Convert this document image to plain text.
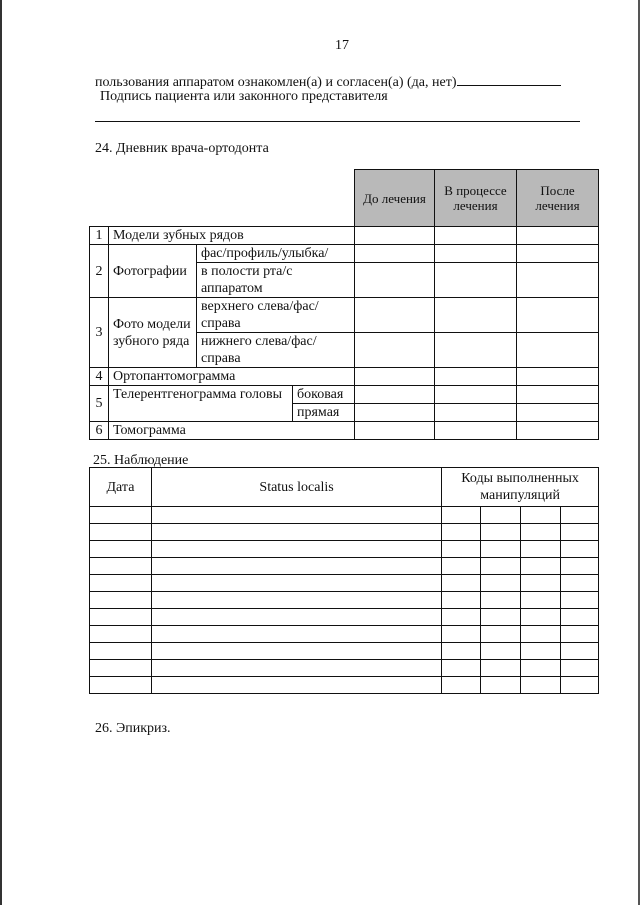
17
пользования аппаратом ознакомлен(а) и согласен(а) (да, нет)
Подпись пациента или законного представителя
24. Дневник врача-ортодонта
				До лечения	В процессе лечения	После лечения
1	Модели зубных рядов					
2	Фотографии	фас/профиль/улыбка/				
		в полости рта/с аппаратом				
3	Фото модели зубного ряда	верхнего слева/фас/справа				
		нижнего слева/фас/справа				
4	Ортопантомограмма					
5	Телерентгенограмма головы		боковая			
			прямая			
6	Томограмма					
25. Наблюдение
Дата	Status localis	Коды выполненных манипуляций			

26. Эпикриз.
